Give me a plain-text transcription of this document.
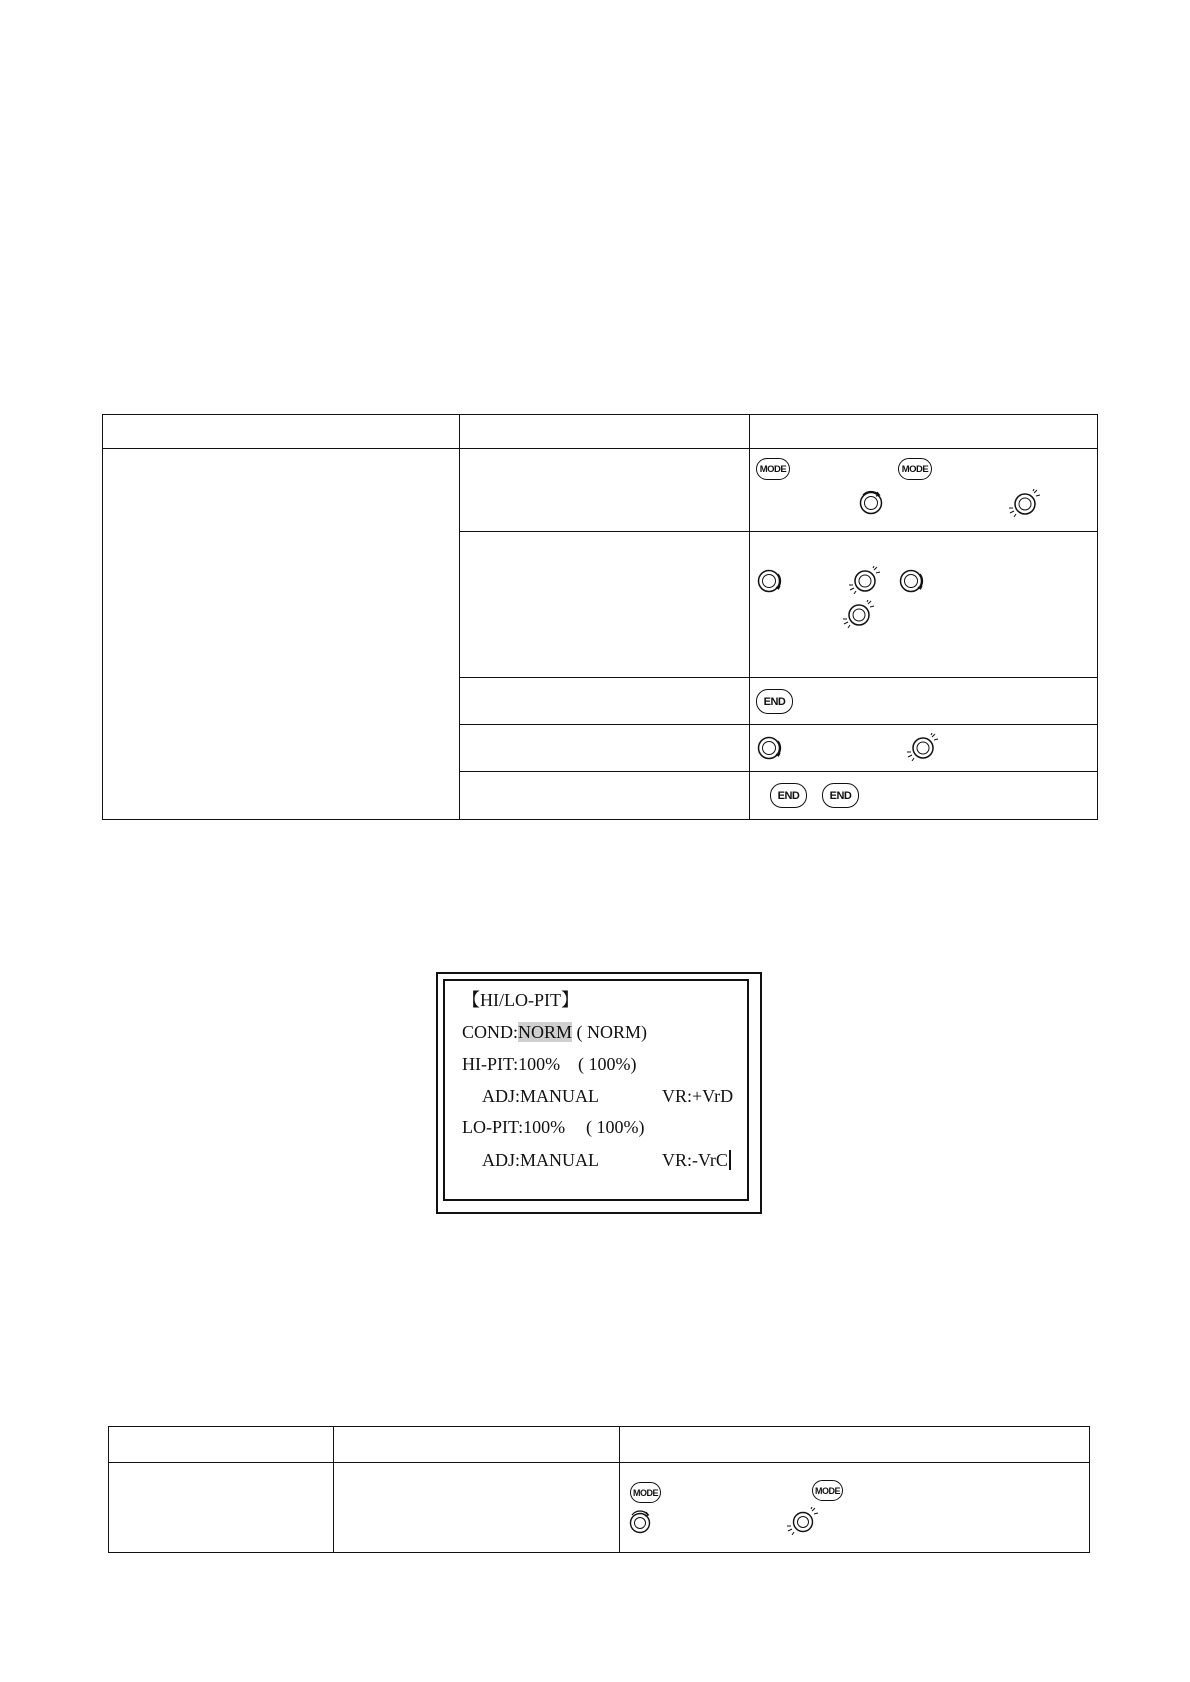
MODE MODE

END

END END
【HI/LO-PIT】
COND:NORM ( NORM)
HI-PIT:100% ( 100%)
ADJ:MANUAL	VR:+VrD
LO-PIT:100% ( 100%)
ADJ:MANUAL	VR:-VrC

MODE MODE
